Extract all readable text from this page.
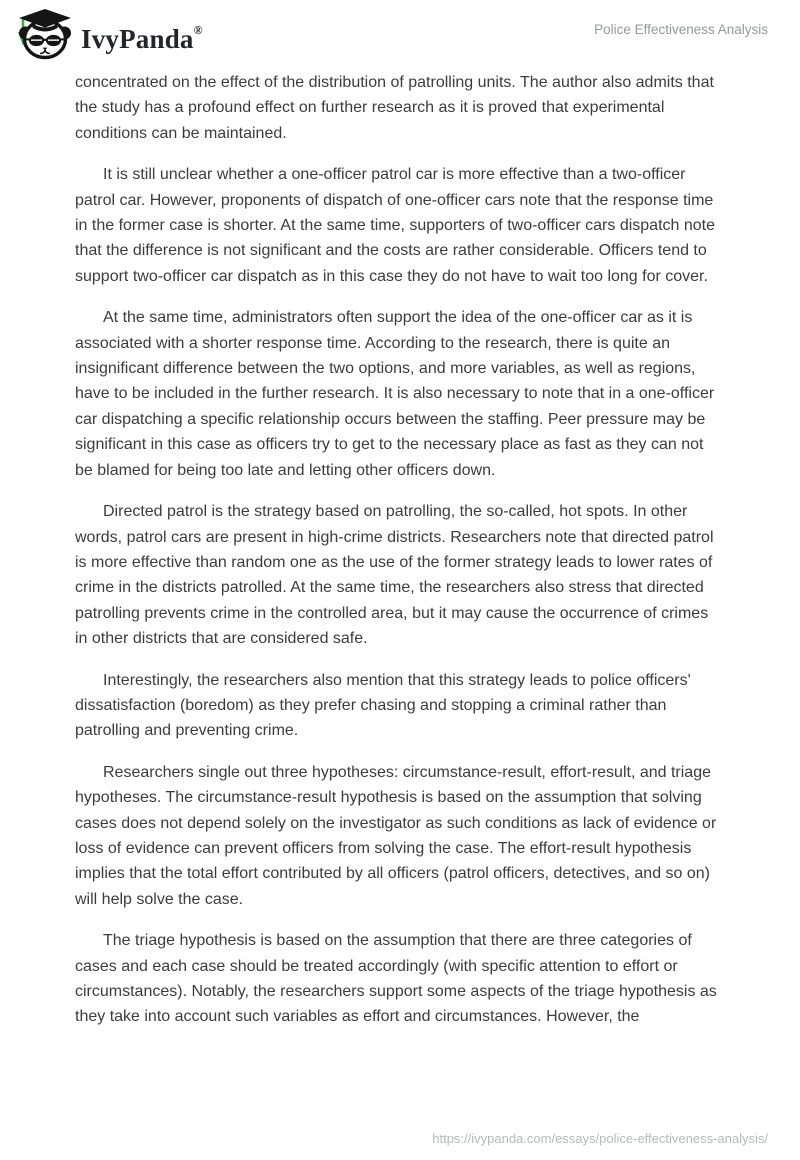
IvyPanda®	Police Effectiveness Analysis

concentrated on the effect of the distribution of patrolling units. The author also admits that the study has a profound effect on further research as it is proved that experimental conditions can be maintained.

It is still unclear whether a one-officer patrol car is more effective than a two-officer patrol car. However, proponents of dispatch of one-officer cars note that the response time in the former case is shorter. At the same time, supporters of two-officer cars dispatch note that the difference is not significant and the costs are rather considerable. Officers tend to support two-officer car dispatch as in this case they do not have to wait too long for cover.

At the same time, administrators often support the idea of the one-officer car as it is associated with a shorter response time. According to the research, there is quite an insignificant difference between the two options, and more variables, as well as regions, have to be included in the further research. It is also necessary to note that in a one-officer car dispatching a specific relationship occurs between the staffing. Peer pressure may be significant in this case as officers try to get to the necessary place as fast as they can not be blamed for being too late and letting other officers down.

Directed patrol is the strategy based on patrolling, the so-called, hot spots. In other words, patrol cars are present in high-crime districts. Researchers note that directed patrol is more effective than random one as the use of the former strategy leads to lower rates of crime in the districts patrolled. At the same time, the researchers also stress that directed patrolling prevents crime in the controlled area, but it may cause the occurrence of crimes in other districts that are considered safe.

Interestingly, the researchers also mention that this strategy leads to police officers' dissatisfaction (boredom) as they prefer chasing and stopping a criminal rather than patrolling and preventing crime.

Researchers single out three hypotheses: circumstance-result, effort-result, and triage hypotheses. The circumstance-result hypothesis is based on the assumption that solving cases does not depend solely on the investigator as such conditions as lack of evidence or loss of evidence can prevent officers from solving the case. The effort-result hypothesis implies that the total effort contributed by all officers (patrol officers, detectives, and so on) will help solve the case.

The triage hypothesis is based on the assumption that there are three categories of cases and each case should be treated accordingly (with specific attention to effort or circumstances). Notably, the researchers support some aspects of the triage hypothesis as they take into account such variables as effort and circumstances. However, the

https://ivypanda.com/essays/police-effectiveness-analysis/
